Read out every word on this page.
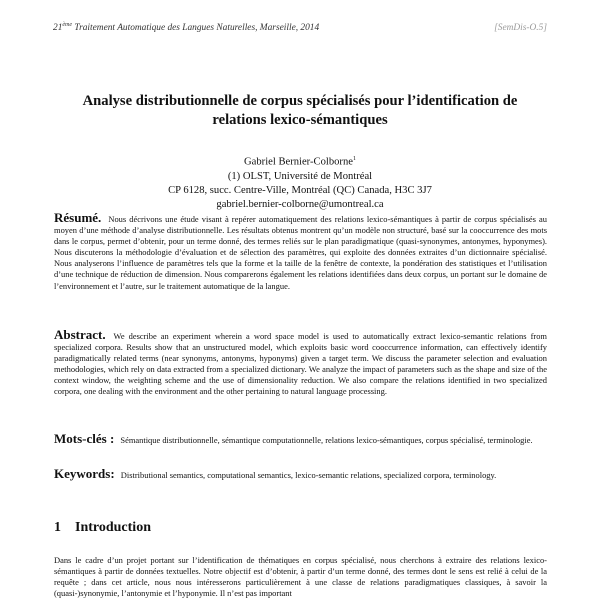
21ème Traitement Automatique des Langues Naturelles, Marseille, 2014	[SemDis-O.5]
Analyse distributionnelle de corpus spécialisés pour l’identification de
relations lexico-sémantiques
Gabriel Bernier-Colborne$^1$
(1) OLST, Université de Montréal
CP 6128, succ. Centre-Ville, Montréal (QC) Canada, H3C 3J7
gabriel.bernier-colborne@umontreal.ca
Résumé. Nous décrivons une étude visant à repérer automatiquement des relations lexico-sémantiques à partir de corpus spécialisés au moyen d’une méthode d’analyse distributionnelle. Les résultats obtenus montrent qu’un modèle non structuré, basé sur la cooccurrence des mots dans le corpus, permet d’obtenir, pour un terme donné, des termes reliés sur le plan paradigmatique (quasi-synonymes, antonymes, hyponymes). Nous discuterons la méthodologie d’évaluation et de sélection des paramètres, qui exploite des données extraites d’un dictionnaire spécialisé. Nous analyserons l’influence de paramètres tels que la forme et la taille de la fenêtre de contexte, la pondération des statistiques et l’utilisation d’une technique de réduction de dimension. Nous comparerons également les relations identifiées dans deux corpus, un portant sur le domaine de l’environnement et l’autre, sur le traitement automatique de la langue.
Abstract. We describe an experiment wherein a word space model is used to automatically extract lexico-semantic relations from specialized corpora. Results show that an unstructured model, which exploits basic word cooccurrence information, can effectively identify paradigmatically related terms (near synonyms, antonyms, hyponyms) given a target term. We discuss the parameter selection and evaluation methodologies, which rely on data extracted from a specialized dictionary. We analyze the impact of parameters such as the shape and size of the context window, the weighting scheme and the use of dimensionality reduction. We also compare the relations identified in two specialized corpora, one dealing with the environment and the other pertaining to natural language processing.
Mots-clés : Sémantique distributionnelle, sémantique computationnelle, relations lexico-sémantiques, corpus spécialisé, terminologie.
Keywords: Distributional semantics, computational semantics, lexico-semantic relations, specialized corpora, terminology.
1 Introduction
Dans le cadre d’un projet portant sur l’identification de thématiques en corpus spécialisé, nous cherchons à extraire des relations lexico-sémantiques à partir de données textuelles. Notre objectif est d’obtenir, à partir d’un terme donné, des termes dont le sens est relié à celui de la requête ; dans cet article, nous nous intéresserons particulièrement à une classe de relations paradigmatiques classiques, à savoir la (quasi-)synonymie, l’antonymie et l’hyponymie. Il n’est pas important
